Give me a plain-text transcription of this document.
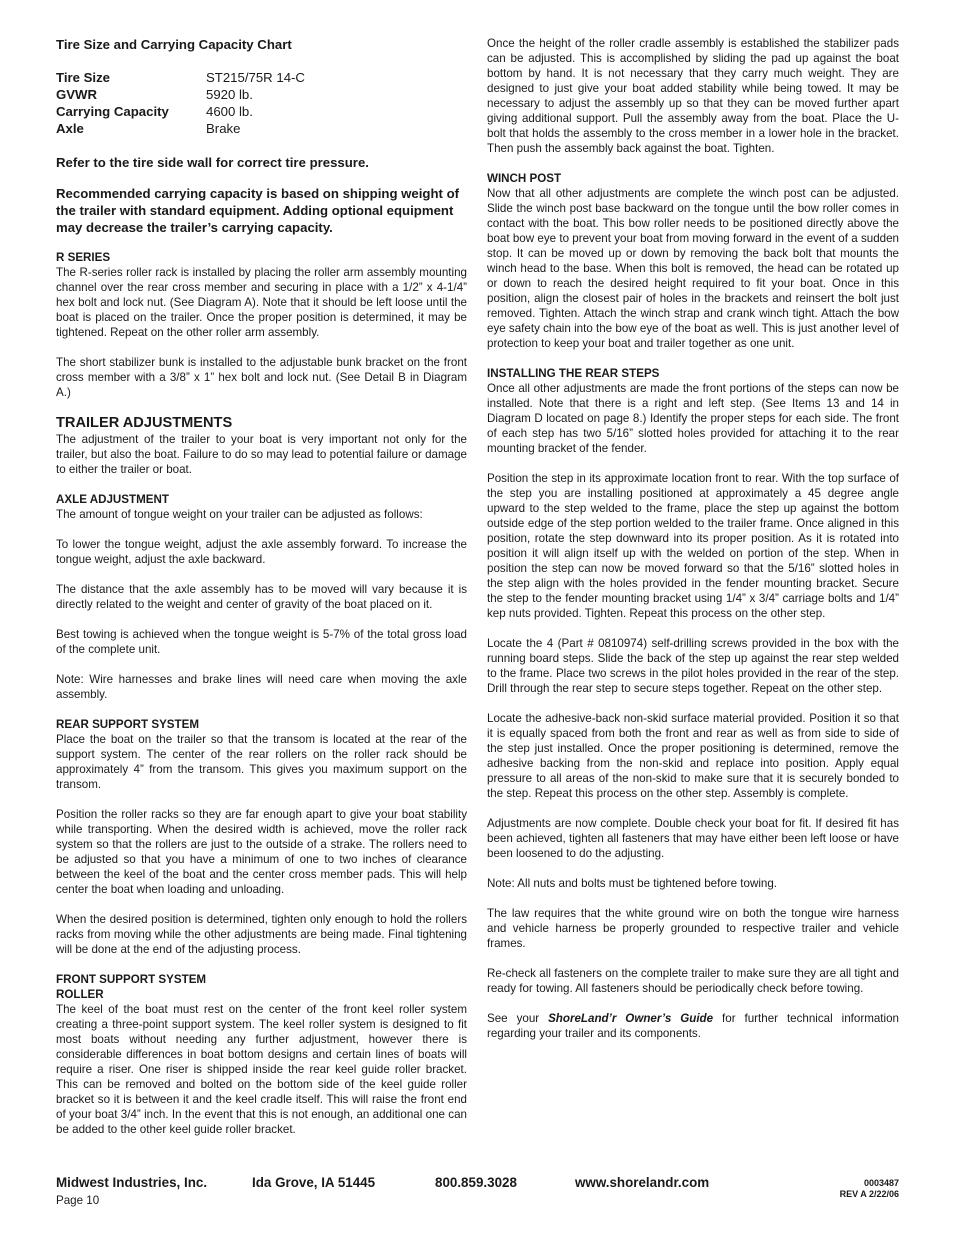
Tire Size and Carrying Capacity Chart
Tire Size	ST215/75R 14-C
GVWR	5920 lb.
Carrying Capacity	4600 lb.
Axle	Brake

Refer to the tire side wall for correct tire pressure.

Recommended carrying capacity is based on shipping weight of the trailer with standard equipment. Adding optional equipment may decrease the trailer’s carrying capacity.

R SERIES

The R-series roller rack is installed by placing the roller arm assembly mounting channel over the rear cross member and securing in place with a 1/2” x 4-1/4” hex bolt and lock nut. (See Diagram A). Note that it should be left loose until the boat is placed on the trailer. Once the proper position is determined, it may be tightened. Repeat on the other roller arm assembly.

The short stabilizer bunk is installed to the adjustable bunk bracket on the front cross member with a 3/8” x 1” hex bolt and lock nut. (See Detail B in Diagram A.)

TRAILER ADJUSTMENTS

The adjustment of the trailer to your boat is very important not only for the trailer, but also the boat. Failure to do so may lead to potential failure or damage to either the trailer or boat.

AXLE ADJUSTMENT

The amount of tongue weight on your trailer can be adjusted as follows:

To lower the tongue weight, adjust the axle assembly forward. To increase the tongue weight, adjust the axle backward.

The distance that the axle assembly has to be moved will vary because it is directly related to the weight and center of gravity of the boat placed on it.

Best towing is achieved when the tongue weight is 5-7% of the total gross load of the complete unit.

Note: Wire harnesses and brake lines will need care when moving the axle assembly.

REAR SUPPORT SYSTEM

Place the boat on the trailer so that the transom is located at the rear of the support system. The center of the rear rollers on the roller rack should be approximately 4” from the transom. This gives you maximum support on the transom.

Position the roller racks so they are far enough apart to give your boat stability while transporting. When the desired width is achieved, move the roller rack system so that the rollers are just to the outside of a strake. The rollers need to be adjusted so that you have a minimum of one to two inches of clearance between the keel of the boat and the center cross member pads. This will help center the boat when loading and unloading.

When the desired position is determined, tighten only enough to hold the rollers racks from moving while the other adjustments are being made. Final tightening will be done at the end of the adjusting process.

FRONT SUPPORT SYSTEM
ROLLER

The keel of the boat must rest on the center of the front keel roller system creating a three-point support system. The keel roller system is designed to fit most boats without needing any further adjustment, however there is considerable differences in boat bottom designs and certain lines of boats will require a riser. One riser is shipped inside the rear keel guide roller bracket. This can be removed and bolted on the bottom side of the keel guide roller bracket so it is between it and the keel cradle itself. This will raise the front end of your boat 3/4” inch. In the event that this is not enough, an additional one can be added to the other keel guide roller bracket.

Once the height of the roller cradle assembly is established the stabilizer pads can be adjusted. This is accomplished by sliding the pad up against the boat bottom by hand. It is not necessary that they carry much weight. They are designed to just give your boat added stability while being towed. It may be necessary to adjust the assembly up so that they can be moved further apart giving additional support. Pull the assembly away from the boat. Place the U-bolt that holds the assembly to the cross member in a lower hole in the bracket. Then push the assembly back against the boat. Tighten.

WINCH POST

Now that all other adjustments are complete the winch post can be adjusted. Slide the winch post base backward on the tongue until the bow roller comes in contact with the boat. This bow roller needs to be positioned directly above the boat bow eye to prevent your boat from moving forward in the event of a sudden stop. It can be moved up or down by removing the back bolt that mounts the winch head to the base. When this bolt is removed, the head can be rotated up or down to reach the desired height required to fit your boat. Once in this position, align the closest pair of holes in the brackets and reinsert the bolt just removed. Tighten. Attach the winch strap and crank winch tight. Attach the bow eye safety chain into the bow eye of the boat as well. This is just another level of protection to keep your boat and trailer together as one unit.

INSTALLING THE REAR STEPS

Once all other adjustments are made the front portions of the steps can now be installed. Note that there is a right and left step. (See Items 13 and 14 in Diagram D located on page 8.) Identify the proper steps for each side. The front of each step has two 5/16” slotted holes provided for attaching it to the rear mounting bracket of the fender.

Position the step in its approximate location front to rear. With the top surface of the step you are installing positioned at approximately a 45 degree angle upward to the step welded to the frame, place the step up against the bottom outside edge of the step portion welded to the trailer frame. Once aligned in this position, rotate the step downward into its proper position. As it is rotated into position it will align itself up with the welded on portion of the step. When in position the step can now be moved forward so that the 5/16” slotted holes in the step align with the holes provided in the fender mounting bracket. Secure the step to the fender mounting bracket using 1/4” x 3/4” carriage bolts and 1/4” kep nuts provided. Tighten. Repeat this process on the other step.

Locate the 4 (Part # 0810974) self-drilling screws provided in the box with the running board steps. Slide the back of the step up against the rear step welded to the frame. Place two screws in the pilot holes provided in the rear of the step. Drill through the rear step to secure steps together. Repeat on the other step.

Locate the adhesive-back non-skid surface material provided. Position it so that it is equally spaced from both the front and rear as well as from side to side of the step just installed. Once the proper positioning is determined, remove the adhesive backing from the non-skid and replace into position. Apply equal pressure to all areas of the non-skid to make sure that it is securely bonded to the step. Repeat this process on the other step. Assembly is complete.

Adjustments are now complete. Double check your boat for fit. If desired fit has been achieved, tighten all fasteners that may have either been left loose or have been loosened to do the adjusting.

Note: All nuts and bolts must be tightened before towing.

The law requires that the white ground wire on both the tongue wire harness and vehicle harness be properly grounded to respective trailer and vehicle frames.

Re-check all fasteners on the complete trailer to make sure they are all tight and ready for towing. All fasteners should be periodically check before towing.

See your ShoreLand’r Owner’s Guide for further technical information regarding your trailer and its components.

Midwest Industries, Inc.	Ida Grove, IA 51445	800.859.3028	www.shorelandr.com
Page 10
0003487
REV A 2/22/06
